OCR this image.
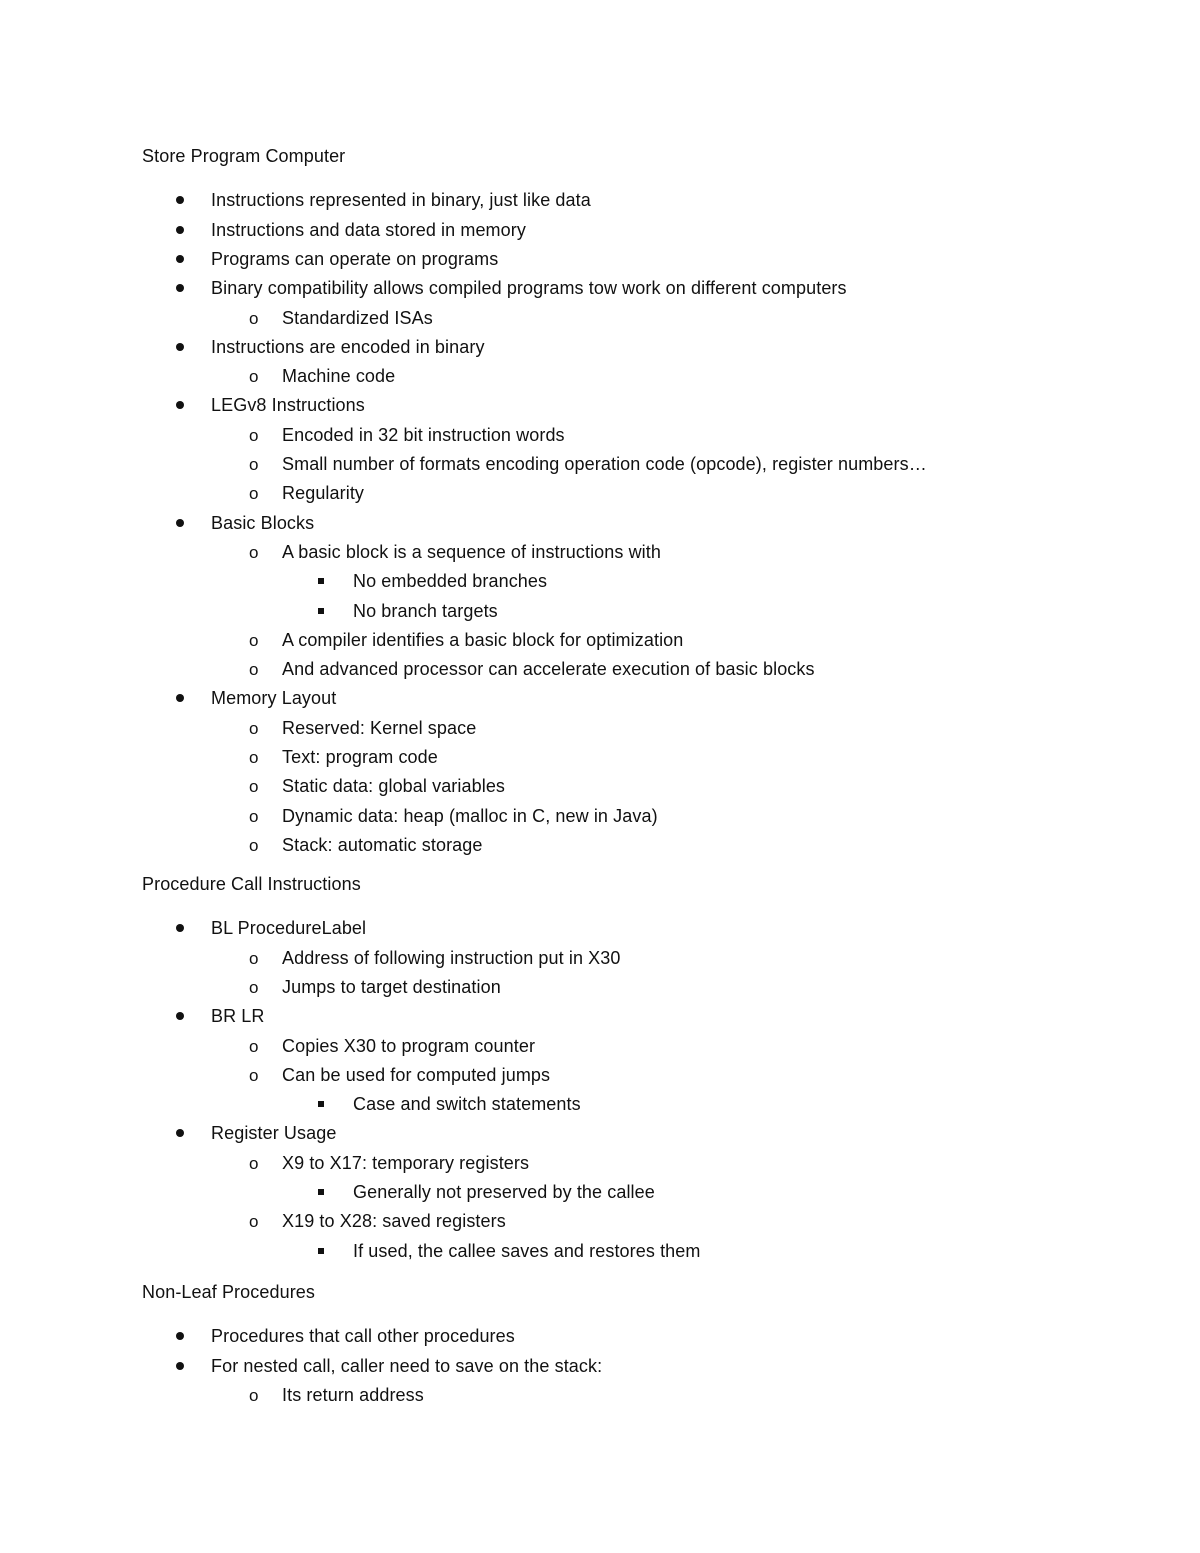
Store Program Computer
Instructions represented in binary, just like data
Instructions and data stored in memory
Programs can operate on programs
Binary compatibility allows compiled programs tow work on different computers
Standardized ISAs
o
Instructions are encoded in binary
Machine code
o
LEGv8 Instructions
Encoded in 32 bit instruction words
o
Small number of formats encoding operation code (opcode), register numbers…
o
Regularity
o
Basic Blocks
A basic block is a sequence of instructions with
o
No embedded branches
No branch targets
A compiler identifies a basic block for optimization
o
And advanced processor can accelerate execution of basic blocks
o
Memory Layout
Reserved: Kernel space
o
Text: program code
o
Static data: global variables
o
Dynamic data: heap (malloc in C, new in Java)
o
Stack: automatic storage
o
Procedure Call Instructions
BL ProcedureLabel
Address of following instruction put in X30
o
Jumps to target destination
o
BR LR
Copies X30 to program counter
o
Can be used for computed jumps
o
Case and switch statements
Register Usage
X9 to X17: temporary registers
o
Generally not preserved by the callee
X19 to X28: saved registers
o
If used, the callee saves and restores them
Non-Leaf Procedures
Procedures that call other procedures
For nested call, caller need to save on the stack:
Its return address
o
